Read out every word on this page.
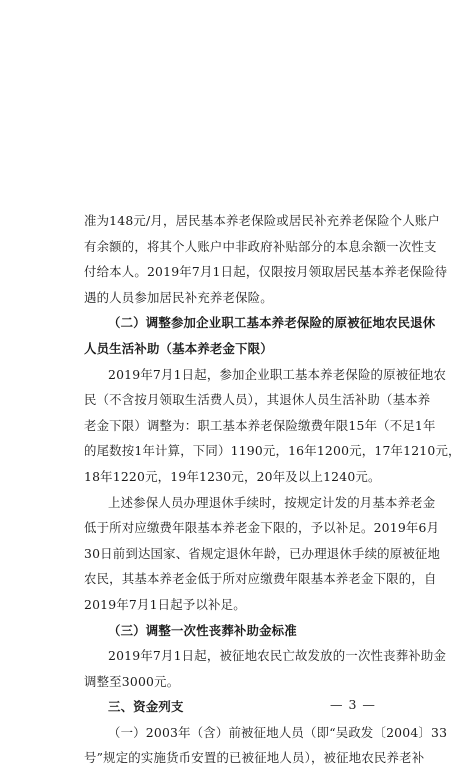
准为148元/月，居民基本养老保险或居民补充养老保险个人账户
有余额的，将其个人账户中非政府补贴部分的本息余额一次性支
付给本人。2019年7月1日起，仅限按月领取居民基本养老保险待
遇的人员参加居民补充养老保险。
（二）调整参加企业职工基本养老保险的原被征地农民退休
人员生活补助（基本养老金下限）
2019年7月1日起，参加企业职工基本养老保险的原被征地农
民（不含按月领取生活费人员），其退休人员生活补助（基本养
老金下限）调整为：职工基本养老保险缴费年限15年（不足1年
的尾数按1年计算，下同）1190元，16年1200元，17年1210元，
18年1220元，19年1230元，20年及以上1240元。
上述参保人员办理退休手续时，按规定计发的月基本养老金
低于所对应缴费年限基本养老金下限的，予以补足。2019年6月
30日前到达国家、省规定退休年龄，已办理退休手续的原被征地
农民，其基本养老金低于所对应缴费年限基本养老金下限的，自
2019年7月1日起予以补足。
（三）调整一次性丧葬补助金标准
2019年7月1日起，被征地农民亡故发放的一次性丧葬补助金
调整至3000元。
三、资金列支
（一）2003年（含）前被征地人员（即“吴政发〔2004〕33
号”规定的实施货币安置的已被征地人员），被征地农民养老补
— 3 —
